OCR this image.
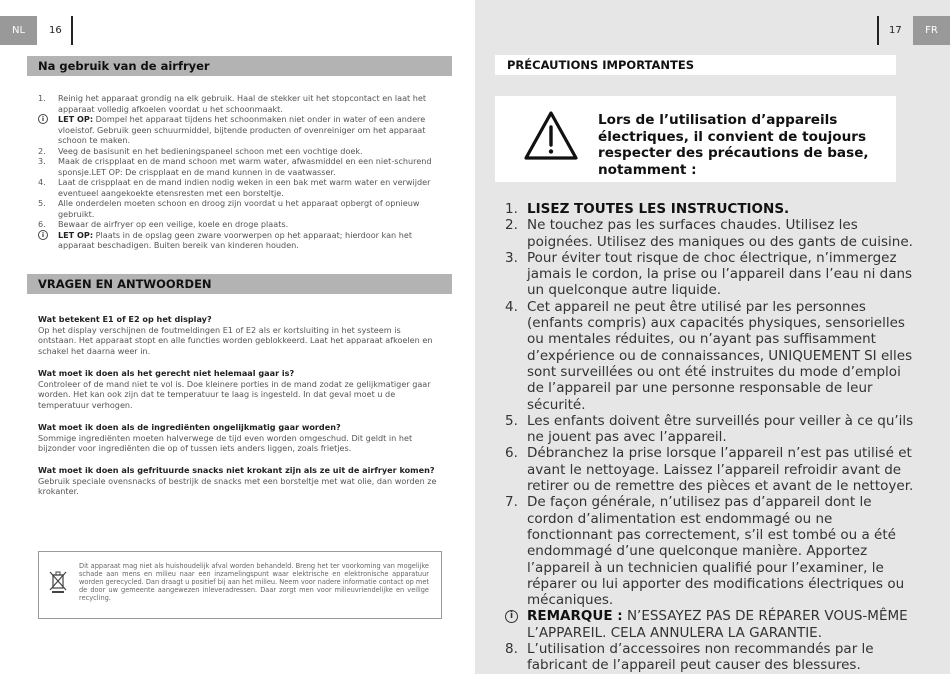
NL	16
Na gebruik van de airfryer
1. Reinig het apparaat grondig na elk gebruik. Haal de stekker uit het stopcontact en laat het apparaat volledig afkoelen voordat u het schoonmaakt.
i	LET OP: Dompel het apparaat tijdens het schoonmaken niet onder in water of een andere vloeistof. Gebruik geen schuurmiddel, bijtende producten of ovenreiniger om het apparaat schoon te maken.
2. Veeg de basisunit en het bedieningspaneel schoon met een vochtige doek.
3. Maak de crispplaat en de mand schoon met warm water, afwasmiddel en een niet-schurend sponsje.LET OP: De crispplaat en de mand kunnen in de vaatwasser.
4. Laat de crispplaat en de mand indien nodig weken in een bak met warm water en verwijder eventueel aangekoekte etensresten met een borsteltje.
5. Alle onderdelen moeten schoon en droog zijn voordat u het apparaat opbergt of opnieuw gebruikt.
6. Bewaar de airfryer op een veilige, koele en droge plaats.
i	LET OP: Plaats in de opslag geen zware voorwerpen op het apparaat; hierdoor kan het apparaat beschadigen. Buiten bereik van kinderen houden.
VRAGEN EN ANTWOORDEN
Wat betekent E1 of E2 op het display?
Op het display verschijnen de foutmeldingen E1 of E2 als er kortsluiting in het systeem is ontstaan. Het apparaat stopt en alle functies worden geblokkeerd. Laat het apparaat afkoelen en schakel het daarna weer in.
Wat moet ik doen als het gerecht niet helemaal gaar is?
Controleer of de mand niet te vol is. Doe kleinere porties in de mand zodat ze gelijkmatiger gaar worden. Het kan ook zijn dat te temperatuur te laag is ingesteld. In dat geval moet u de temperatuur verhogen.
Wat moet ik doen als de ingrediënten ongelijkmatig gaar worden?
Sommige ingrediënten moeten halverwege de tijd even worden omgeschud. Dit geldt in het bijzonder voor ingrediënten die op of tussen iets anders liggen, zoals frietjes.
Wat moet ik doen als gefrituurde snacks niet krokant zijn als ze uit de airfryer komen?
Gebruik speciale ovensnacks of bestrijk de snacks met een borsteltje met wat olie, dan worden ze krokanter.
Dit apparaat mag niet als huishoudelijk afval worden behandeld. Breng het ter voorkoming van mogelijke schade aan mens en milieu naar een inzamelingspunt waar elektrische en elektronische apparatuur worden gerecycled. Dan draagt u positief bij aan het milieu. Neem voor nadere informatie contact op met de door uw gemeente aangewezen inleveradressen. Daar zorgt men voor milieuvriendelijke en veilige recycling.
17	FR
PRÉCAUTIONS IMPORTANTES
Lors de l’utilisation d’appareils électriques, il convient de toujours respecter des précautions de base, notamment :
1. LISEZ TOUTES LES INSTRUCTIONS.
2. Ne touchez pas les surfaces chaudes. Utilisez les poignées. Utilisez des maniques ou des gants de cuisine.
3. Pour éviter tout risque de choc électrique, n’immergez jamais le cordon, la prise ou l’appareil dans l’eau ni dans un quelconque autre liquide.
4. Cet appareil ne peut être utilisé par les personnes (enfants compris) aux capacités physiques, sensorielles ou mentales réduites, ou n’ayant pas suffisamment d’expérience ou de connaissances, UNIQUEMENT SI elles sont surveillées ou ont été instruites du mode d’emploi de l’appareil par une personne responsable de leur sécurité.
5. Les enfants doivent être surveillés pour veiller à ce qu’ils ne jouent pas avec l’appareil.
6. Débranchez la prise lorsque l’appareil n’est pas utilisé et avant le nettoyage. Laissez l’appareil refroidir avant de retirer ou de remettre des pièces et avant de le nettoyer.
7. De façon générale, n’utilisez pas d’appareil dont le cordon d’alimentation est endommagé ou ne fonctionnant pas correctement, s’il est tombé ou a été endommagé d’une quelconque manière. Apportez l’appareil à un technicien qualifié pour l’examiner, le réparer ou lui apporter des modifications électriques ou mécaniques.
i	REMARQUE : N’ESSAYEZ PAS DE RÉPARER VOUS-MÊME L’APPAREIL. CELA ANNULERA LA GARANTIE.
8. L’utilisation d’accessoires non recommandés par le fabricant de l’appareil peut causer des blessures.
